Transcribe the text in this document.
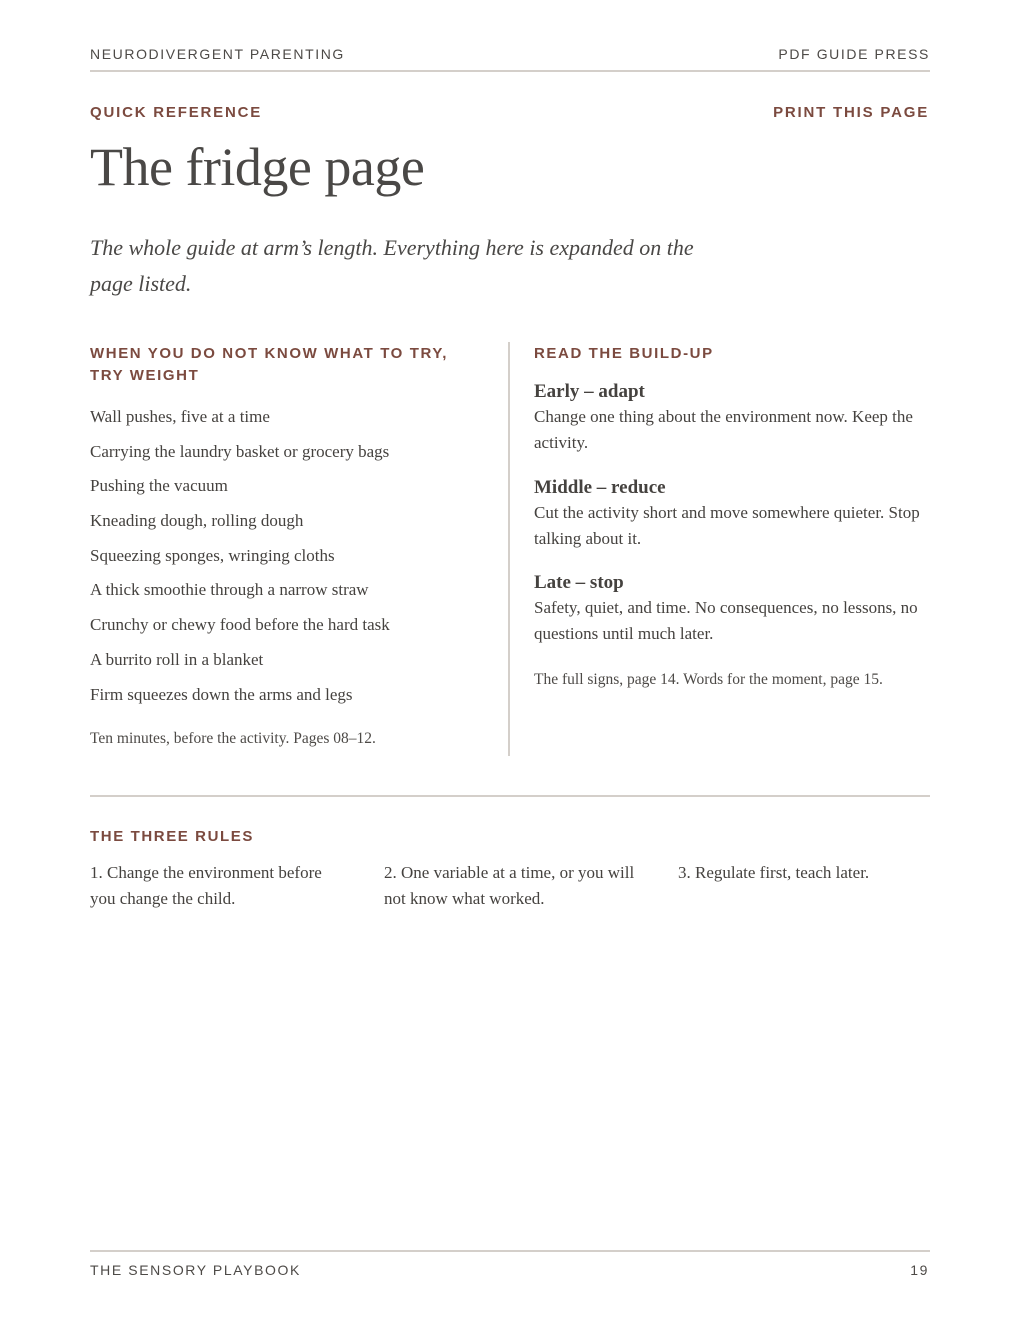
NEURODIVERGENT PARENTING	PDF GUIDE PRESS
QUICK REFERENCE	PRINT THIS PAGE
The fridge page

The whole guide at arm’s length. Everything here is expanded on the page listed.

WHEN YOU DO NOT KNOW WHAT TO TRY,
TRY WEIGHT
Wall pushes, five at a time
Carrying the laundry basket or grocery bags
Pushing the vacuum
Kneading dough, rolling dough
Squeezing sponges, wringing cloths
A thick smoothie through a narrow straw
Crunchy or chewy food before the hard task
A burrito roll in a blanket
Firm squeezes down the arms and legs
Ten minutes, before the activity. Pages 08–12.
READ THE BUILD-UP
Early – adapt
Change one thing about the environment now. Keep the activity.
Middle – reduce
Cut the activity short and move somewhere quieter. Stop talking about it.
Late – stop
Safety, quiet, and time. No consequences, no lessons, no questions until much later.
The full signs, page 14. Words for the moment, page 15.
THE THREE RULES
1. Change the environment before you change the child.
2. One variable at a time, or you will not know what worked.
3. Regulate first, teach later.
THE SENSORY PLAYBOOK	19
